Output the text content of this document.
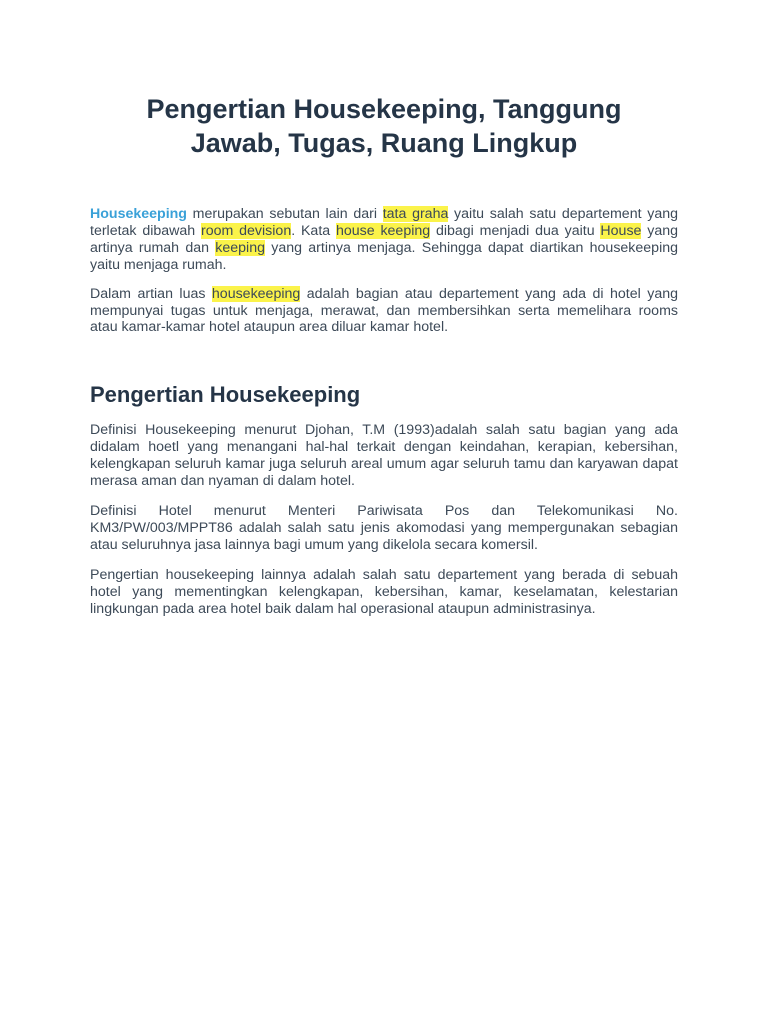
Pengertian Housekeeping, Tanggung Jawab, Tugas, Ruang Lingkup

Housekeeping merupakan sebutan lain dari tata graha yaitu salah satu departement yang terletak dibawah room devision. Kata house keeping dibagi menjadi dua yaitu House yang artinya rumah dan keeping yang artinya menjaga. Sehingga dapat diartikan housekeeping yaitu menjaga rumah.

Dalam artian luas housekeeping adalah bagian atau departement yang ada di hotel yang mempunyai tugas untuk menjaga, merawat, dan membersihkan serta memelihara rooms atau kamar-kamar hotel ataupun area diluar kamar hotel.

Pengertian Housekeeping

Definisi Housekeeping menurut Djohan, T.M (1993)adalah salah satu bagian yang ada didalam hoetl yang menangani hal-hal terkait dengan keindahan, kerapian, kebersihan, kelengkapan seluruh kamar juga seluruh areal umum agar seluruh tamu dan karyawan dapat merasa aman dan nyaman di dalam hotel.

Definisi Hotel menurut Menteri Pariwisata Pos dan Telekomunikasi No. KM3/PW/003/MPPT86 adalah salah satu jenis akomodasi yang mempergunakan sebagian atau seluruhnya jasa lainnya bagi umum yang dikelola secara komersil.

Pengertian housekeeping lainnya adalah salah satu departement yang berada di sebuah hotel yang mementingkan kelengkapan, kebersihan, kamar, keselamatan, kelestarian lingkungan pada area hotel baik dalam hal operasional ataupun administrasinya.
